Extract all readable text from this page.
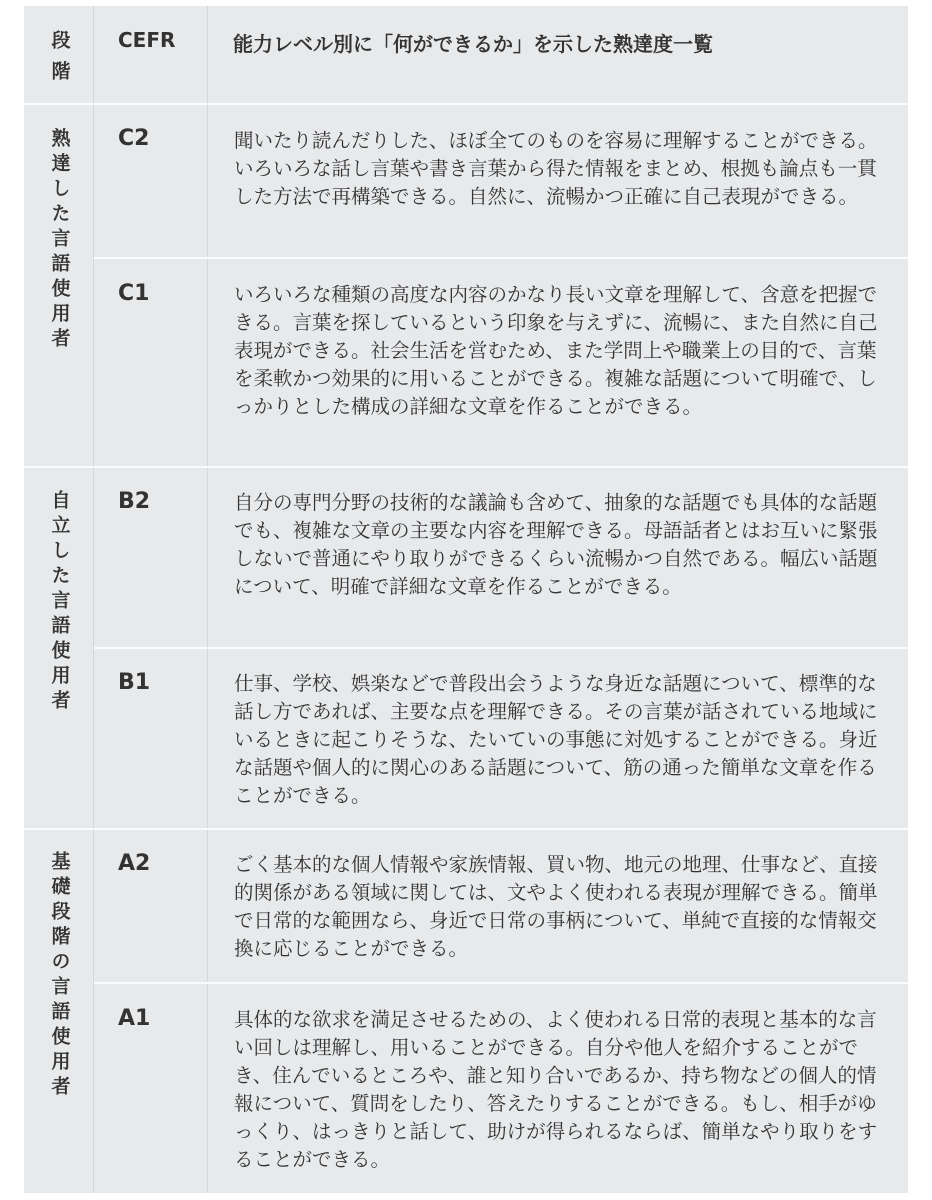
段階 CEFR	能力レベル別に「何ができるか」を示した熟達度一覧
熟達した言語使用者	C2	聞いたり読んだりした、ほぼ全てのものを容易に理解することができる。いろいろな話し言葉や書き言葉から得た情報をまとめ、根拠も論点も一貫した方法で再構築できる。自然に、流暢かつ正確に自己表現ができる。
C1	いろいろな種類の高度な内容のかなり長い文章を理解して、含意を把握できる。言葉を探しているという印象を与えずに、流暢に、また自然に自己表現ができる。社会生活を営むため、また学問上や職業上の目的で、言葉を柔軟かつ効果的に用いることができる。複雑な話題について明確で、しっかりとした構成の詳細な文章を作ることができる。
自立した言語使用者	B2	自分の専門分野の技術的な議論も含めて、抽象的な話題でも具体的な話題でも、複雑な文章の主要な内容を理解できる。母語話者とはお互いに緊張しないで普通にやり取りができるくらい流暢かつ自然である。幅広い話題について、明確で詳細な文章を作ることができる。
B1	仕事、学校、娯楽などで普段出会うような身近な話題について、標準的な話し方であれば、主要な点を理解できる。その言葉が話されている地域にいるときに起こりそうな、たいていの事態に対処することができる。身近な話題や個人的に関心のある話題について、筋の通った簡単な文章を作ることができる。
基礎段階の言語使用者	A2	ごく基本的な個人情報や家族情報、買い物、地元の地理、仕事など、直接的関係がある領域に関しては、文やよく使われる表現が理解できる。簡単で日常的な範囲なら、身近で日常の事柄について、単純で直接的な情報交換に応じることができる。
A1	具体的な欲求を満足させるための、よく使われる日常的表現と基本的な言い回しは理解し、用いることができる。自分や他人を紹介することができ、住んでいるところや、誰と知り合いであるか、持ち物などの個人的情報について、質問をしたり、答えたりすることができる。もし、相手がゆっくり、はっきりと話して、助けが得られるならば、簡単なやり取りをすることができる。
